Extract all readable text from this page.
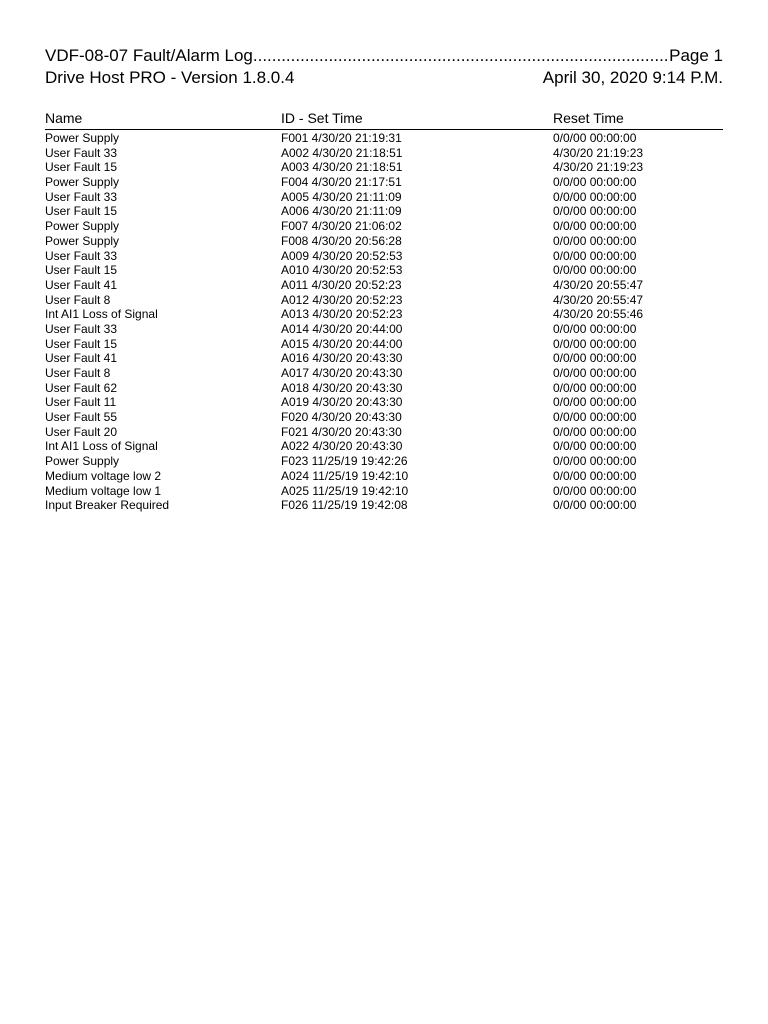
VDF-08-07 Fault/Alarm Log
.....	Page 1
Drive Host PRO - Version 1.8.0.4	April 30, 2020 9:14 P.M.
Name	ID - Set Time	Reset Time
Power Supply	F001 4/30/20 21:19:31	0/0/00 00:00:00
User Fault 33	A002 4/30/20 21:18:51	4/30/20 21:19:23
User Fault 15	A003 4/30/20 21:18:51	4/30/20 21:19:23
Power Supply	F004 4/30/20 21:17:51	0/0/00 00:00:00
User Fault 33	A005 4/30/20 21:11:09	0/0/00 00:00:00
User Fault 15	A006 4/30/20 21:11:09	0/0/00 00:00:00
Power Supply	F007 4/30/20 21:06:02	0/0/00 00:00:00
Power Supply	F008 4/30/20 20:56:28	0/0/00 00:00:00
User Fault 33	A009 4/30/20 20:52:53	0/0/00 00:00:00
User Fault 15	A010 4/30/20 20:52:53	0/0/00 00:00:00
User Fault 41	A011 4/30/20 20:52:23	4/30/20 20:55:47
User Fault 8	A012 4/30/20 20:52:23	4/30/20 20:55:47
Int AI1 Loss of Signal	A013 4/30/20 20:52:23	4/30/20 20:55:46
User Fault 33	A014 4/30/20 20:44:00	0/0/00 00:00:00
User Fault 15	A015 4/30/20 20:44:00	0/0/00 00:00:00
User Fault 41	A016 4/30/20 20:43:30	0/0/00 00:00:00
User Fault 8	A017 4/30/20 20:43:30	0/0/00 00:00:00
User Fault 62	A018 4/30/20 20:43:30	0/0/00 00:00:00
User Fault 11	A019 4/30/20 20:43:30	0/0/00 00:00:00
User Fault 55	F020 4/30/20 20:43:30	0/0/00 00:00:00
User Fault 20	F021 4/30/20 20:43:30	0/0/00 00:00:00
Int AI1 Loss of Signal	A022 4/30/20 20:43:30	0/0/00 00:00:00
Power Supply	F023 11/25/19 19:42:26	0/0/00 00:00:00
Medium voltage low 2	A024 11/25/19 19:42:10	0/0/00 00:00:00
Medium voltage low 1	A025 11/25/19 19:42:10	0/0/00 00:00:00
Input Breaker Required	F026 11/25/19 19:42:08	0/0/00 00:00:00
